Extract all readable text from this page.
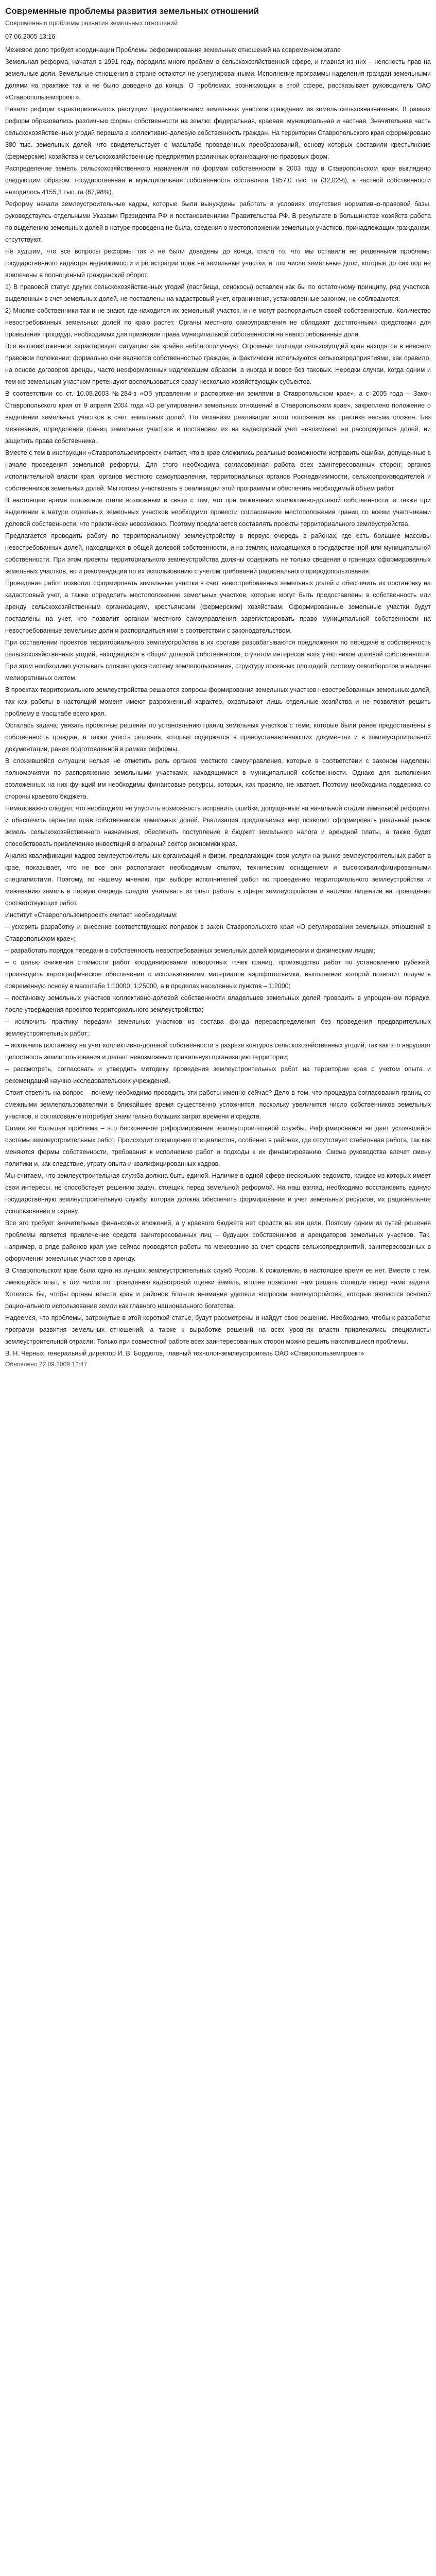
Современные проблемы развития земельных отношений
Современные проблемы развития земельных отношений
07.06.2005 13:16

Межевое дело требует координации Проблемы реформирования земельных отношений на современном этапе

Земельная реформа, начатая в 1991 году, породила много проблем в сельскохозяйственной сфере, и главная из них – неясность прав на земельные доли. Земельные отношения в стране остаются не урегулированными. Исполнение программы наделения граждан земельными долями на практике так и не было доведено до конца. О проблемах, возникающих в этой сфере, рассказывает руководитель ОАО «Ставропольземпроект».

Начало реформ характеризовалось растущим предоставлением земельных участков гражданам из земель сельхозназначения. В рамках реформ образовались различные формы собственности на землю: федеральная, краевая, муниципальная и частная. Значительная часть сельскохозяйственных угодий перешла в коллективно-долевую собственность граждан. На территории Ставропольского края сформировано 380 тыс. земельных долей, что свидетельствует о масштабе проведенных преобразований, основу которых составили крестьянские (фермерские) хозяйства и сельскохозяйственные предприятия различных организационно-правовых форм.

Распределение земель сельскохозяйственного назначения по формам собственности в 2003 году в Ставропольском крае выглядело следующим образом: государственная и муниципальная собственность составляла 1957,0 тыс. га (32,02%), в частной собственности находилось 4155,3 тыс. га (67,98%).

Реформу начали землеустроительные кадры, которые были вынуждены работать в условиях отсутствия нормативно-правовой базы, руководствуясь отдельными Указами Президента РФ и постановлениями Правительства РФ. В результате в большинстве хозяйств работа по выделению земельных долей в натуре проведена не была, сведения о местоположении земельных участков, принадлежащих гражданам, отсутствуют.

Не худшим, что все вопросы реформы так и не были доведены до конца, стало то, что мы оставили не решенными проблемы государственного кадастра недвижимости и регистрации прав на земельные участки, в том числе земельные доли, которые до сих пор не вовлечены в полноценный гражданский оборот.

1) В правовой статус других сельскохозяйственных угодий (пастбища, сенокосы) оставлен как бы по остаточному принципу, ряд участков, выделенных в счет земельных долей, не поставлены на кадастровый учет, ограничения, установленные законом, не соблюдаются.

2) Многие собственники так и не знают, где находится их земельный участок, и не могут распорядиться своей собственностью. Количество невостребованных земельных долей по краю растет. Органы местного самоуправления не обладают достаточными средствами для проведения процедур, необходимых для признания права муниципальной собственности на невостребованные доли.

Все вышеизложенное характеризует ситуацию как крайне неблагополучную. Огромные площади сельхозугодий края находятся в неясном правовом положении: формально они являются собственностью граждан, а фактически используются сельхозпредприятиями, как правило, на основе договоров аренды, часто неоформленных надлежащим образом, а иногда и вовсе без таковых. Нередки случаи, когда одним и тем же земельным участком претендуют воспользоваться сразу несколько хозяйствующих субъектов.

В соответствии со ст. 10.08.2003 №284-з «Об управлении и распоряжении землями в Ставропольском крае», а с 2005 года – Закон Ставропольского края от 9 апреля 2004 года «О регулировании земельных отношений в Ставропольском крае», закреплено положение о выделении земельных участков в счет земельных долей. Но механизм реализации этого положения на практике весьма сложен. Без межевания, определения границ земельных участков и постановки их на кадастровый учет невозможно ни распорядиться долей, ни защитить права собственника.

Вместе с тем в инструкции «Ставропольземпроект» считает, что в крае сложились реальные возможности исправить ошибки, допущенные в начале проведения земельной реформы. Для этого необходима согласованная работа всех заинтересованных сторон: органов исполнительной власти края, органов местного самоуправления, территориальных органов Роснедвижимости, сельхозпроизводителей и собственников земельных долей. Мы готовы участвовать в реализации этой программы и обеспечить необходимый объем работ.

В настоящее время отложение стали возможным в связи с тем, что при межевании коллективно-долевой собственности, а также при выделении в натуре отдельных земельных участков необходимо провести согласование местоположения границ со всеми участниками долевой собственности, что практически невозможно. Поэтому предлагается составлять проекты территориального землеустройства.

Предлагается проводить работу по территориальному землеустройству в первую очередь в районах, где есть большие массивы невостребованных долей, находящихся в общей долевой собственности, и на землях, находящихся в государственной или муниципальной собственности. При этом проекты территориального землеустройства должны содержать не только сведения о границах сформированных земельных участков, но и рекомендации по их использованию с учетом требований рационального природопользования.

Проведение работ позволит сформировать земельные участки в счет невостребованных земельных долей и обеспечить их постановку на кадастровый учет, а также определить местоположение земельных участков, которые могут быть предоставлены в собственность или аренду сельскохозяйственным организациям, крестьянским (фермерским) хозяйствам. Сформированные земельные участки будут поставлены на учет, что позволит органам местного самоуправления зарегистрировать право муниципальной собственности на невостребованные земельные доли и распорядиться ими в соответствии с законодательством.

При составлении проектов территориального землеустройства в их составе разрабатываются предложения по передаче в собственность сельскохозяйственных угодий, находящихся в общей долевой собственности, с учетом интересов всех участников долевой собственности. При этом необходимо учитывать сложившуюся систему землепользования, структуру посевных площадей, систему севооборотов и наличие мелиоративных систем.

В проектах территориального землеустройства решаются вопросы формирования земельных участков невостребованных земельных долей, так как работы в настоящий момент имеют разрозненный характер, охватывают лишь отдельные хозяйства и не позволяют решить проблему в масштабе всего края.

Осталась задача: увязать проектные решения по установлению границ земельных участков с теми, которые были ранее предоставлены в собственность граждан, а также учесть решения, которые содержатся в правоустанавливающих документах и в землеустроительной документации, ранее подготовленной в рамках реформы.

В сложившейся ситуации нельзя не отметить роль органов местного самоуправления, которые в соответствии с законом наделены полномочиями по распоряжению земельными участками, находящимися в муниципальной собственности. Однако для выполнения возложенных на них функций им необходимы финансовые ресурсы, которых, как правило, не хватает. Поэтому необходима поддержка со стороны краевого бюджета.

Немаловажно следует, что необходимо не упустить возможность исправить ошибки, допущенные на начальной стадии земельной реформы, и обеспечить гарантии прав собственников земельных долей. Реализация предлагаемых мер позволит сформировать реальный рынок земель сельскохозяйственного назначения, обеспечить поступление в бюджет земельного налога и арендной платы, а также будет способствовать привлечению инвестиций в аграрный сектор экономики края.

Анализ квалификации кадров землеустроительных организаций и фирм, предлагающих свои услуги на рынке землеустроительных работ в крае, показывает, что не все они располагают необходимым опытом, техническим оснащением и высококвалифицированными специалистами. Поэтому, по нашему мнению, при выборе исполнителей работ по проведению территориального землеустройства и межеванию земель в первую очередь следует учитывать их опыт работы в сфере землеустройства и наличие лицензии на проведение соответствующих работ.

Институт «Ставропольземпроект» считает необходимым:

– ускорить разработку и внесение соответствующих поправок в закон Ставропольского края «О регулировании земельных отношений в Ставропольском крае»;

– разработать порядок передачи в собственность невостребованных земельных долей юридическим и физическим лицам;

– с целью снижения стоимости работ координирование поворотных точек границ, производство работ по установлению рубежей, производить картографическое обеспечение с использованием материалов аэрофотосъемки, выполнение которой позволит получить современную основу в масштабе 1:10000, 1:25000, а в пределах населенных пунктов – 1:2000;

– постановку земельных участков коллективно-долевой собственности владельцев земельных долей проводить в упрощенном порядке, после утверждения проектов территориального землеустройства;

– исключить практику передачи земельных участков из состава фонда перераспределения без проведения предварительных землеустроительных работ;

– исключить постановку на учет коллективно-долевой собственности в разрезе контуров сельскохозяйственных угодий, так как это нарушает целостность землепользования и делает невозможным правильную организацию территории;

– рассмотреть, согласовать и утвердить методику проведения землеустроительных работ на территории края с учетом опыта и рекомендаций научно-исследовательских учреждений.

Стоит ответить на вопрос – почему необходимо проводить эти работы именно сейчас? Дело в том, что процедура согласования границ со смежными землепользователями в ближайшее время существенно усложнится, поскольку увеличится число собственников земельных участков, и согласование потребует значительно больших затрат времени и средств.

Самая же большая проблема – это бесконечное реформирование землеустроительной службы. Реформирование не дает устоявшейся системы землеустроительных работ. Происходит сокращение специалистов, особенно в районах, где отсутствует стабильная работа, так как меняются формы собственности, требования к исполнению работ и подходы к их финансированию. Смена руководства влечет смену политики и, как следствие, утрату опыта и квалифицированных кадров.

Мы считаем, что землеустроительная служба должна быть единой. Наличие в одной сфере нескольких ведомств, каждое из которых имеет свои интересы, не способствует решению задач, стоящих перед земельной реформой. На наш взгляд, необходимо восстановить единую государственную землеустроительную службу, которая должна обеспечить формирование и учет земельных ресурсов, их рациональное использование и охрану.

Все это требует значительных финансовых вложений, а у краевого бюджета нет средств на эти цели. Поэтому одним из путей решения проблемы является привлечение средств заинтересованных лиц – будущих собственников и арендаторов земельных участков. Так, например, в ряде районов края уже сейчас проводятся работы по межеванию за счет средств сельхозпредприятий, заинтересованных в оформлении земельных участков в аренду.

В Ставропольском крае была одна из лучших землеустроительных служб России. К сожалению, в настоящее время ее нет. Вместе с тем, имеющийся опыт, в том числе по проведению кадастровой оценки земель, вполне позволяет нам решать стоящие перед нами задачи. Хотелось бы, чтобы органы власти края и районов больше внимания уделяли вопросам землеустройства, которые являются основой рационального использования земли как главного национального богатства.

Надеемся, что проблемы, затронутые в этой короткой статье, будут рассмотрены и найдут свое решение. Необходимо, чтобы к разработке программ развития земельных отношений, а также к выработке решений на всех уровнях власти привлекались специалисты землеустроительной отрасли. Только при совместной работе всех заинтересованных сторон можно решить накопившиеся проблемы.

В. Н. Черных, генеральный директор И. В. Бордюгов, главный технолог-землеустроитель ОАО «Ставропольземпроект»
Обновлено 22.09.2009 12:47
